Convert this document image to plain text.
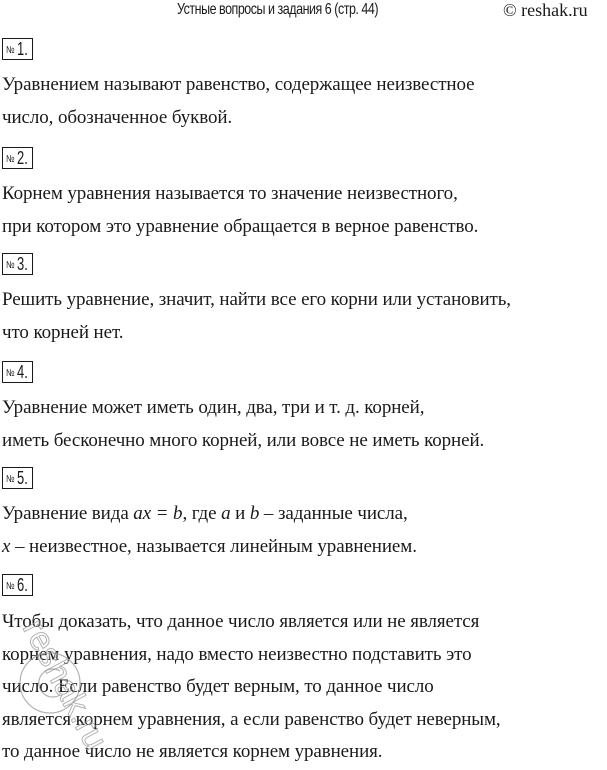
Устные вопросы и задания 6 (стр. 44)	© reshak.ru
№ 1.
Уравнением называют равенство, содержащее неизвестное
число, обозначенное буквой.
№ 2.
Корнем уравнения называется то значение неизвестного,
при котором это уравнение обращается в верное равенство.
№ 3.
Решить уравнение, значит, найти все его корни или установить,
что корней нет.
№ 4.
Уравнение может иметь один, два, три и т. д. корней,
иметь бесконечно много корней, или вовсе не иметь корней.
№ 5.
Уравнение вида ax = b, где a и b – заданные числа,
x – неизвестное, называется линейным уравнением.
№ 6.
Чтобы доказать, что данное число является или не является
корнем уравнения, надо вместо неизвестно подставить это
число. Если равенство будет верным, то данное число
является корнем уравнения, а если равенство будет неверным,
то данное число не является корнем уравнения.
reshak.ru
